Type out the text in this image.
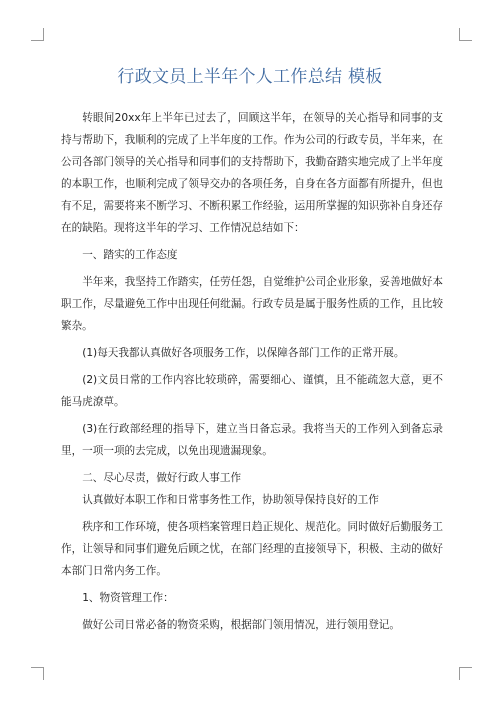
行政文员上半年个人工作总结 模板

转眼间20xx年上半年已过去了，回顾这半年，在领导的关心指导和同事的支持与帮助下，我顺利的完成了上半年度的工作。作为公司的行政专员，半年来，在公司各部门领导的关心指导和同事们的支持帮助下，我勤奋踏实地完成了上半年度的本职工作，也顺利完成了领导交办的各项任务，自身在各方面都有所提升，但也有不足，需要将来不断学习、不断积累工作经验，运用所掌握的知识弥补自身还存在的缺陷。现将这半年的学习、工作情况总结如下：

一、踏实的工作态度

半年来，我坚持工作踏实，任劳任怨，自觉维护公司企业形象，妥善地做好本职工作，尽量避免工作中出现任何纰漏。行政专员是属于服务性质的工作，且比较繁杂。

(1)每天我都认真做好各项服务工作，以保障各部门工作的正常开展。

(2)文员日常的工作内容比较琐碎，需要细心、谨慎，且不能疏忽大意，更不能马虎潦草。

(3)在行政部经理的指导下，建立当日备忘录。我将当天的工作列入到备忘录里，一项一项的去完成，以免出现遗漏现象。

二、尽心尽责，做好行政人事工作

认真做好本职工作和日常事务性工作，协助领导保持良好的工作

秩序和工作环境，使各项档案管理日趋正规化、规范化。同时做好后勤服务工作，让领导和同事们避免后顾之忧，在部门经理的直接领导下，积极、主动的做好本部门日常内务工作。

1、物资管理工作：

做好公司日常必备的物资采购，根据部门领用情况，进行领用登记。
